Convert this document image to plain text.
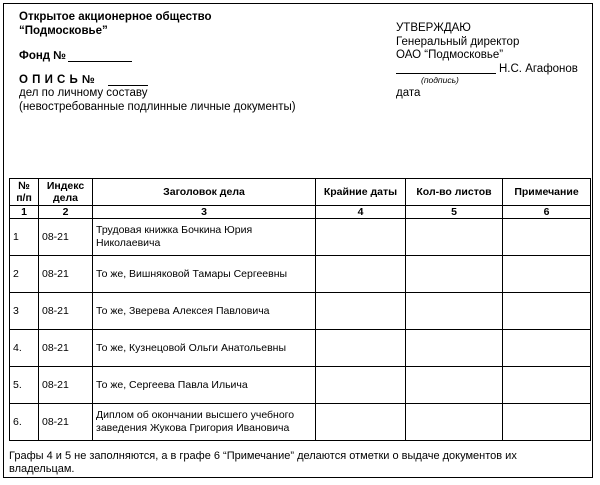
Открытое акционерное общество
“Подмосковье”
Фонд №
О П И С Ь №
дел по личному составу
(невостребованные подлинные личные документы)
УТВЕРЖДАЮ
Генеральный директор
ОАО “Подмосковье”
Н.С. Агафонов
(подпись)
дата
№ п/п	Индекс дела	Заголовок дела	Крайние даты	Кол-во листов	Примечание
1	2	3	4	5	6
1	08-21	Трудовая книжка Бочкина Юрия Николаевича			
2	08-21	То же, Вишняковой Тамары Сергеевны			
3	08-21	То же, Зверева Алексея Павловича			
4.	08-21	То же, Кузнецовой Ольги Анатольевны			
5.	08-21	То же, Сергеева Павла Ильича			
6.	08-21	Диплом об окончании высшего учебного заведения Жукова Григория Ивановича			
Графы 4 и 5 не заполняются, а в графе 6 “Примечание” делаются отметки о выдаче документов их владельцам.
